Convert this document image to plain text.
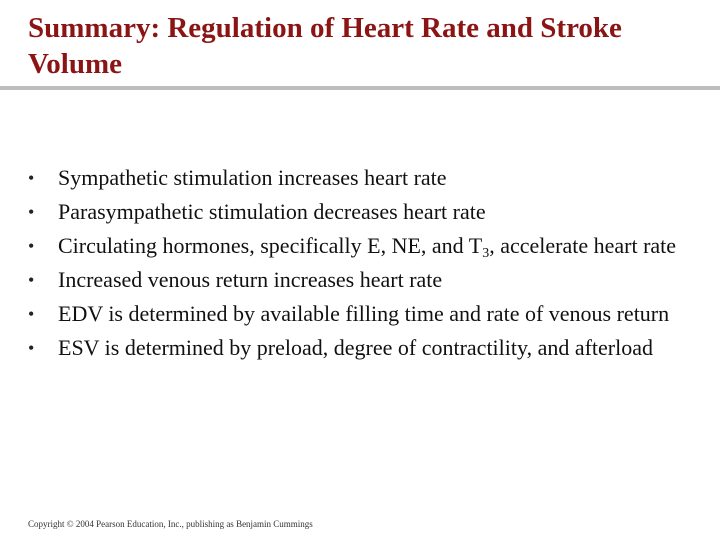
Summary: Regulation of Heart Rate and Stroke Volume
• Sympathetic stimulation increases heart rate
• Parasympathetic stimulation decreases heart rate
• Circulating hormones, specifically E, NE, and $T_3$, accelerate heart rate
• Increased venous return increases heart rate
• EDV is determined by available filling time and rate of venous return
• ESV is determined by preload, degree of contractility, and afterload
Copyright © 2004 Pearson Education, Inc., publishing as Benjamin Cummings
